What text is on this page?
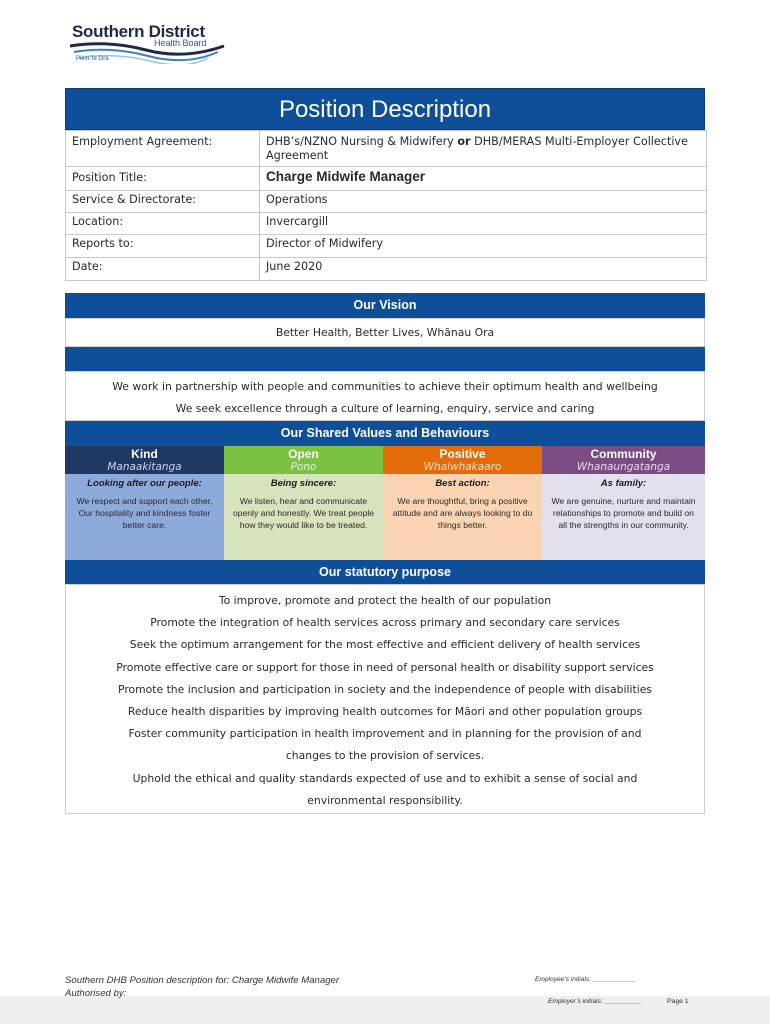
Southern District
Health Board
Pikiri Te Ora
Position Description
Employment Agreement:	DHB’s/NZNO Nursing & Midwifery or DHB/MERAS Multi-Employer Collective Agreement
Position Title:	Charge Midwife Manager
Service & Directorate:	Operations
Location:	Invercargill
Reports to:	Director of Midwifery
Date:	June 2020
Our Vision
Better Health, Better Lives, Whānau Ora

We work in partnership with people and communities to achieve their optimum health and wellbeing

We seek excellence through a culture of learning, enquiry, service and caring

Our Shared Values and Behaviours
Kind
Manaakitanga
Looking after our people:
We respect and support each other. Our hospitality and kindness foster better care.
Open
Pono
Being sincere:
We listen, hear and communicate openly and honestly. We treat people how they would like to be treated.
Positive
Whaiwhakaaro
Best action:
We are thoughtful, bring a positive attitude and are always looking to do things better.
Community
Whanaungatanga
As family:
We are genuine, nurture and maintain relationships to promote and build on all the strengths in our community.
Our statutory purpose

To improve, promote and protect the health of our population

Promote the integration of health services across primary and secondary care services

Seek the optimum arrangement for the most effective and efficient delivery of health services

Promote effective care or support for those in need of personal health or disability support services

Promote the inclusion and participation in society and the independence of people with disabilities

Reduce health disparities by improving health outcomes for Māori and other population groups

Foster community participation in health improvement and in planning for the provision of and

changes to the provision of services.

Uphold the ethical and quality standards expected of use and to exhibit a sense of social and

environmental responsibility.

Southern DHB Position description for: Charge Midwife Manager
Authorised by:
Employee’s initials: ____________
Employer’s initials: __________	Page 1
